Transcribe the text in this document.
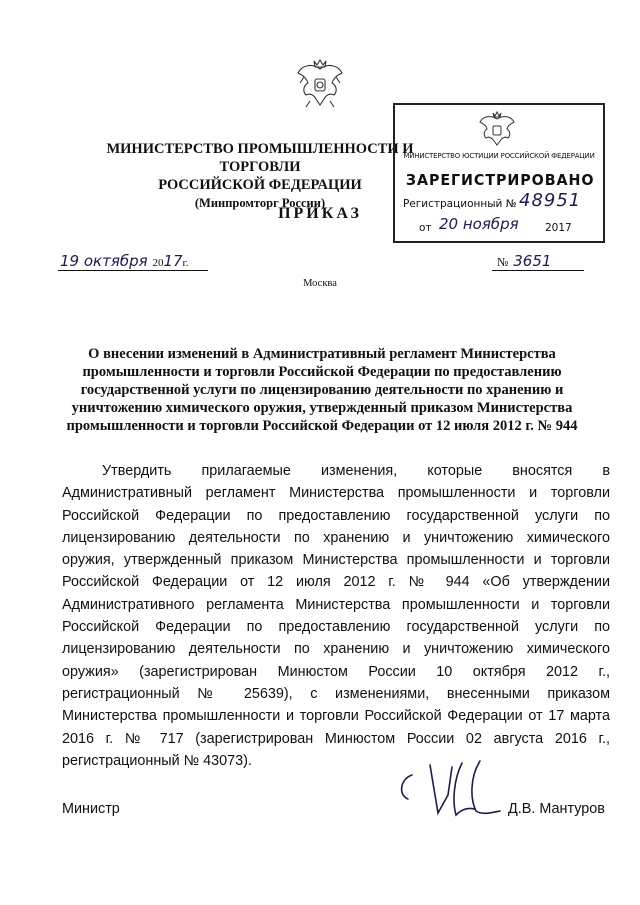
МИНИСТЕРСТВО ПРОМЫШЛЕННОСТИ И ТОРГОВЛИ
РОССИЙСКОЙ ФЕДЕРАЦИИ
(Минпромторг России)
ПРИКАЗ
МИНИСТЕРСТВО ЮСТИЦИИ РОССИЙСКОЙ ФЕДЕРАЦИИ
ЗАРЕГИСТРИРОВАНО
Регистрационный № 48951
от 20 ноября	2017
19 октября 2017г.	№ 3651
Москва
О внесении изменений в Административный регламент Министерства промышленности и торговли Российской Федерации по предоставлению государственной услуги по лицензированию деятельности по хранению и уничтожению химического оружия, утвержденный приказом Министерства промышленности и торговли Российской Федерации от 12 июля 2012 г. № 944
Утвердить прилагаемые изменения, которые вносятся в Административный регламент Министерства промышленности и торговли Российской Федерации по предоставлению государственной услуги по лицензированию деятельности по хранению и уничтожению химического оружия, утвержденный приказом Министерства промышленности и торговли Российской Федерации от 12 июля 2012 г. № 944 «Об утверждении Административного регламента Министерства промышленности и торговли Российской Федерации по предоставлению государственной услуги по лицензированию деятельности по хранению и уничтожению химического оружия» (зарегистрирован Минюстом России 10 октября 2012 г., регистрационный № 25639), с изменениями, внесенными приказом Министерства промышленности и торговли Российской Федерации от 17 марта 2016 г. № 717 (зарегистрирован Минюстом России 02 августа 2016 г., регистрационный № 43073).
Министр	Д.В. Мантуров
